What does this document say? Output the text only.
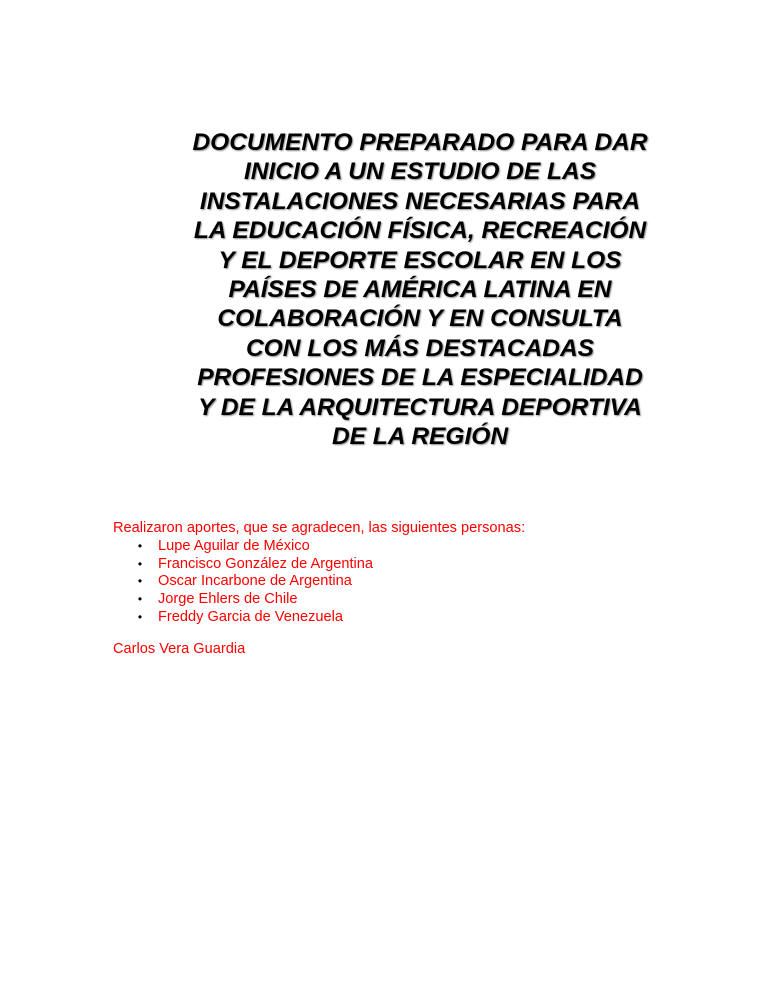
DOCUMENTO PREPARADO PARA DAR INICIO A UN ESTUDIO DE LAS INSTALACIONES NECESARIAS PARA LA EDUCACIÓN FÍSICA, RECREACIÓN Y EL DEPORTE ESCOLAR EN LOS PAÍSES DE AMÉRICA LATINA EN COLABORACIÓN Y EN CONSULTA CON LOS MÁS DESTACADAS PROFESIONES DE LA ESPECIALIDAD Y DE LA ARQUITECTURA DEPORTIVA DE LA REGIÓN

Realizaron aportes, que se agradecen, las siguientes personas:

• Lupe Aguilar de México
• Francisco González de Argentina
• Oscar Incarbone de Argentina
• Jorge Ehlers de Chile
• Freddy Garcia de Venezuela

Carlos Vera Guardia
